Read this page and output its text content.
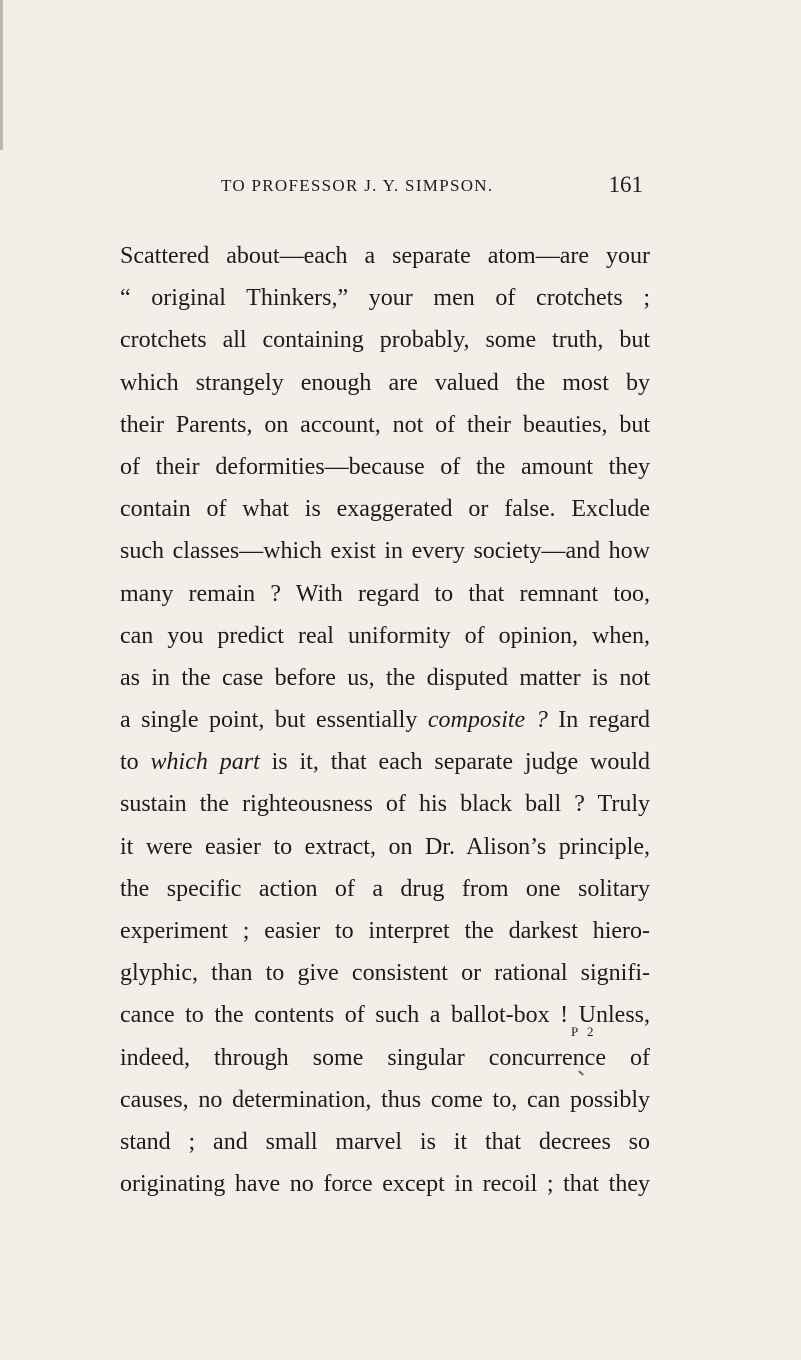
TO PROFESSOR J. Y. SIMPSON.	161
Scattered about—each a separate atom—are your
“ original Thinkers,” your men of crotchets ;
crotchets all containing probably, some truth, but
which strangely enough are valued the most by
their Parents, on account, not of their beauties, but
of their deformities—because of the amount they
contain of what is exaggerated or false. Exclude
such classes—which exist in every society—and how
many remain ? With regard to that remnant too,
can you predict real uniformity of opinion, when,
as in the case before us, the disputed matter is not
a single point, but essentially composite ? In regard
to which part is it, that each separate judge would
sustain the righteousness of his black ball ? Truly
it were easier to extract, on Dr. Alison’s principle,
the specific action of a drug from one solitary
experiment ; easier to interpret the darkest hiero-
glyphic, than to give consistent or rational signifi-
cance to the contents of such a ballot-box ! Unless,
indeed, through some singular concurrence of
causes, no determination, thus come to, can possibly
stand ; and small marvel is it that decrees so
originating have no force except in recoil ; that they
P 2
